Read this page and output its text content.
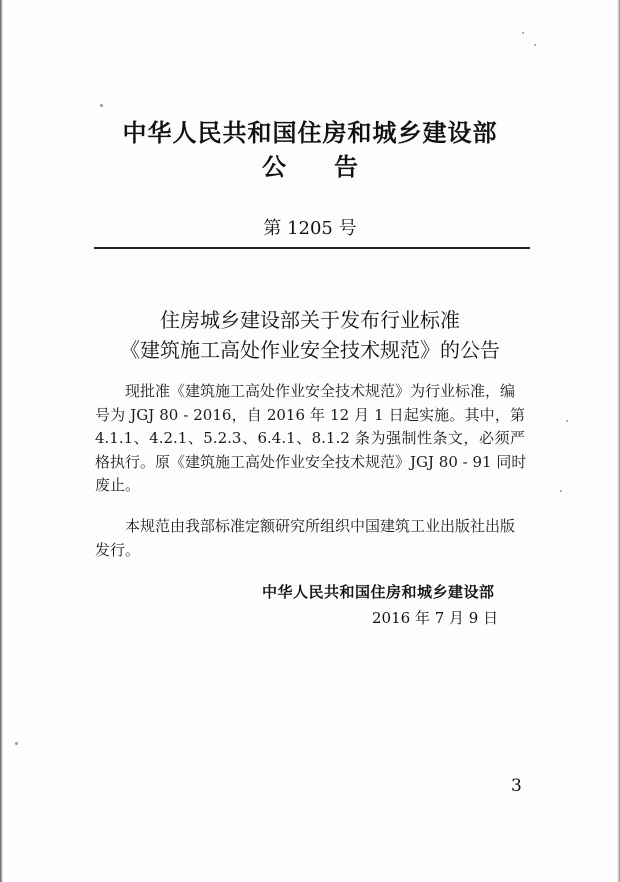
中华人民共和国住房和城乡建设部
公 告
第 1205 号
住房城乡建设部关于发布行业标准
《建筑施工高处作业安全技术规范》的公告
现批准《建筑施工高处作业安全技术规范》为行业标准，编
号为 JGJ 80 - 2016，自 2016 年 12 月 1 日起实施。其中，第
4.1.1、4.2.1、5.2.3、6.4.1、8.1.2 条为强制性条文，必须严
格执行。原《建筑施工高处作业安全技术规范》JGJ 80 - 91 同时
废止。
本规范由我部标准定额研究所组织中国建筑工业出版社出版
发行。
中华人民共和国住房和城乡建设部
2016 年 7 月 9 日
3
